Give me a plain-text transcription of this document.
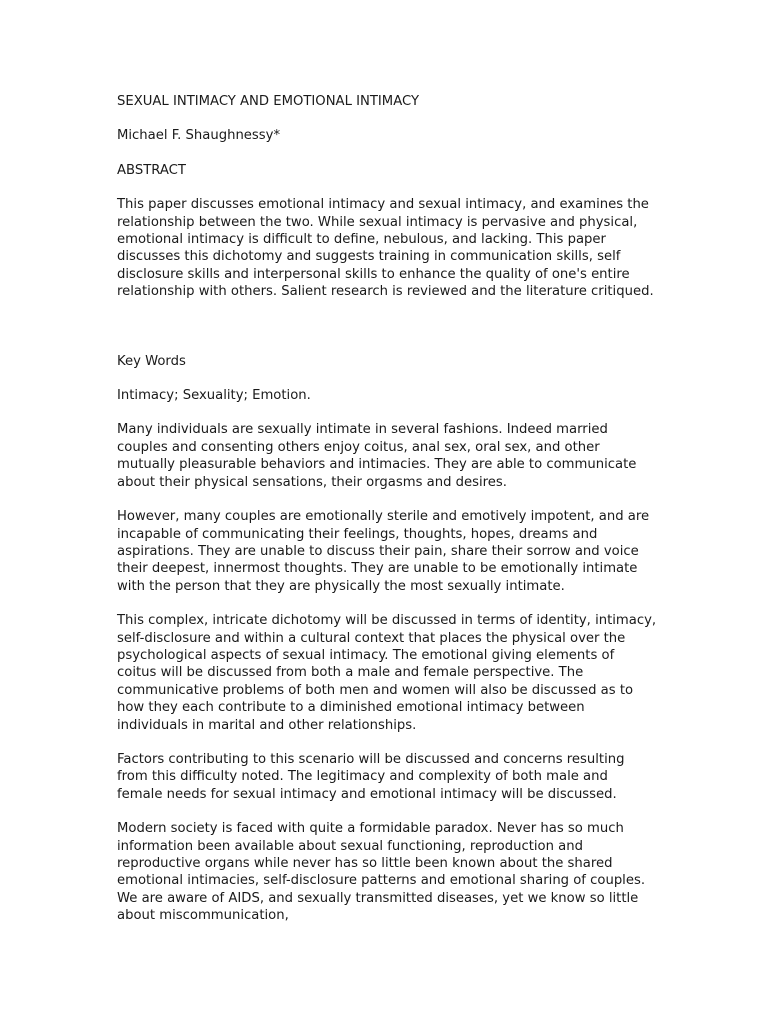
SEXUAL INTIMACY AND EMOTIONAL INTIMACY

Michael F. Shaughnessy*

ABSTRACT

This paper discusses emotional intimacy and sexual intimacy, and examines the relationship between the two. While sexual intimacy is pervasive and physical, emotional intimacy is difficult to define, nebulous, and lacking. This paper discusses this dichotomy and suggests training in communication skills, self disclosure skills and interpersonal skills to enhance the quality of one's entire relationship with others. Salient research is reviewed and the literature critiqued.

Key Words

Intimacy; Sexuality; Emotion.

Many individuals are sexually intimate in several fashions. Indeed married couples and consenting others enjoy coitus, anal sex, oral sex, and other mutually pleasurable behaviors and intimacies. They are able to communicate about their physical sensations, their orgasms and desires.

However, many couples are emotionally sterile and emotively impotent, and are incapable of communicating their feelings, thoughts, hopes, dreams and aspirations. They are unable to discuss their pain, share their sorrow and voice their deepest, innermost thoughts. They are unable to be emotionally intimate with the person that they are physically the most sexually intimate.

This complex, intricate dichotomy will be discussed in terms of identity, intimacy, self-disclosure and within a cultural context that places the physical over the psychological aspects of sexual intimacy. The emotional giving elements of coitus will be discussed from both a male and female perspective. The communicative problems of both men and women will also be discussed as to how they each contribute to a diminished emotional intimacy between individuals in marital and other relationships.

Factors contributing to this scenario will be discussed and concerns resulting from this difficulty noted. The legitimacy and complexity of both male and female needs for sexual intimacy and emotional intimacy will be discussed.

Modern society is faced with quite a formidable paradox. Never has so much information been available about sexual functioning, reproduction and reproductive organs while never has so little been known about the shared emotional intimacies, self-disclosure patterns and emotional sharing of couples. We are aware of AIDS, and sexually transmitted diseases, yet we know so little about miscommunication,
